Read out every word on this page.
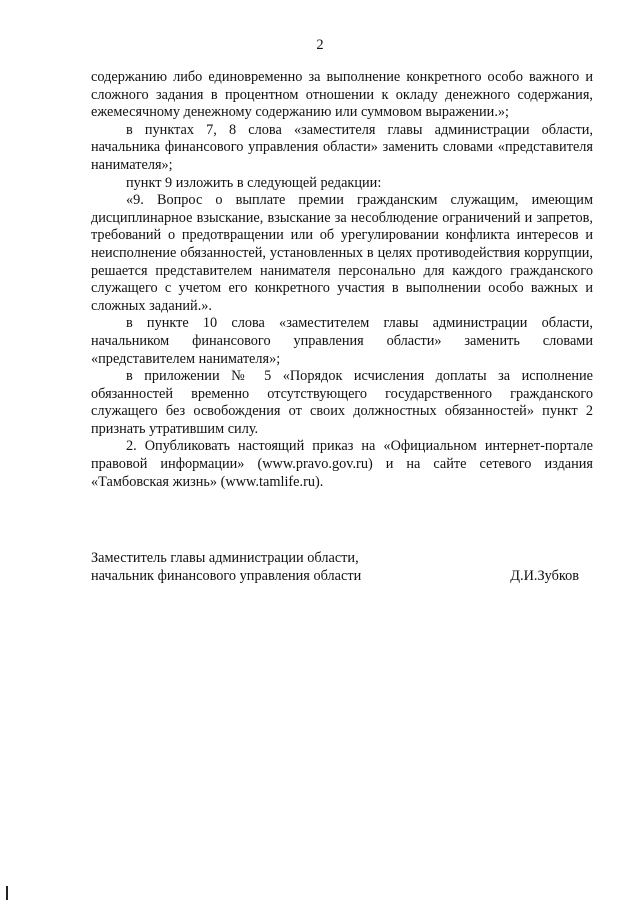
2

содержанию либо единовременно за выполнение конкретного особо важного и сложного задания в процентном отношении к окладу денежного содержания, ежемесячному денежному содержанию или суммовом выражении.»;

в пунктах 7, 8 слова «заместителя главы администрации области, начальника финансового управления области» заменить словами «представителя нанимателя»;

пункт 9 изложить в следующей редакции:

«9. Вопрос о выплате премии гражданским служащим, имеющим дисциплинарное взыскание, взыскание за несоблюдение ограничений и запретов, требований о предотвращении или об урегулировании конфликта интересов и неисполнение обязанностей, установленных в целях противодействия коррупции, решается представителем нанимателя персонально для каждого гражданского служащего с учетом его конкретного участия в выполнении особо важных и сложных заданий.».

в пункте 10 слова «заместителем главы администрации области, начальником финансового управления области» заменить словами «представителем нанимателя»;

в приложении № 5 «Порядок исчисления доплаты за исполнение обязанностей временно отсутствующего государственного гражданского служащего без освобождения от своих должностных обязанностей» пункт 2 признать утратившим силу.

2. Опубликовать настоящий приказ на «Официальном интернет-портале правовой информации» (www.pravo.gov.ru) и на сайте сетевого издания «Тамбовская жизнь» (www.tamlife.ru).

Заместитель главы администрации области,
начальник финансового управления области	Д.И.Зубков
